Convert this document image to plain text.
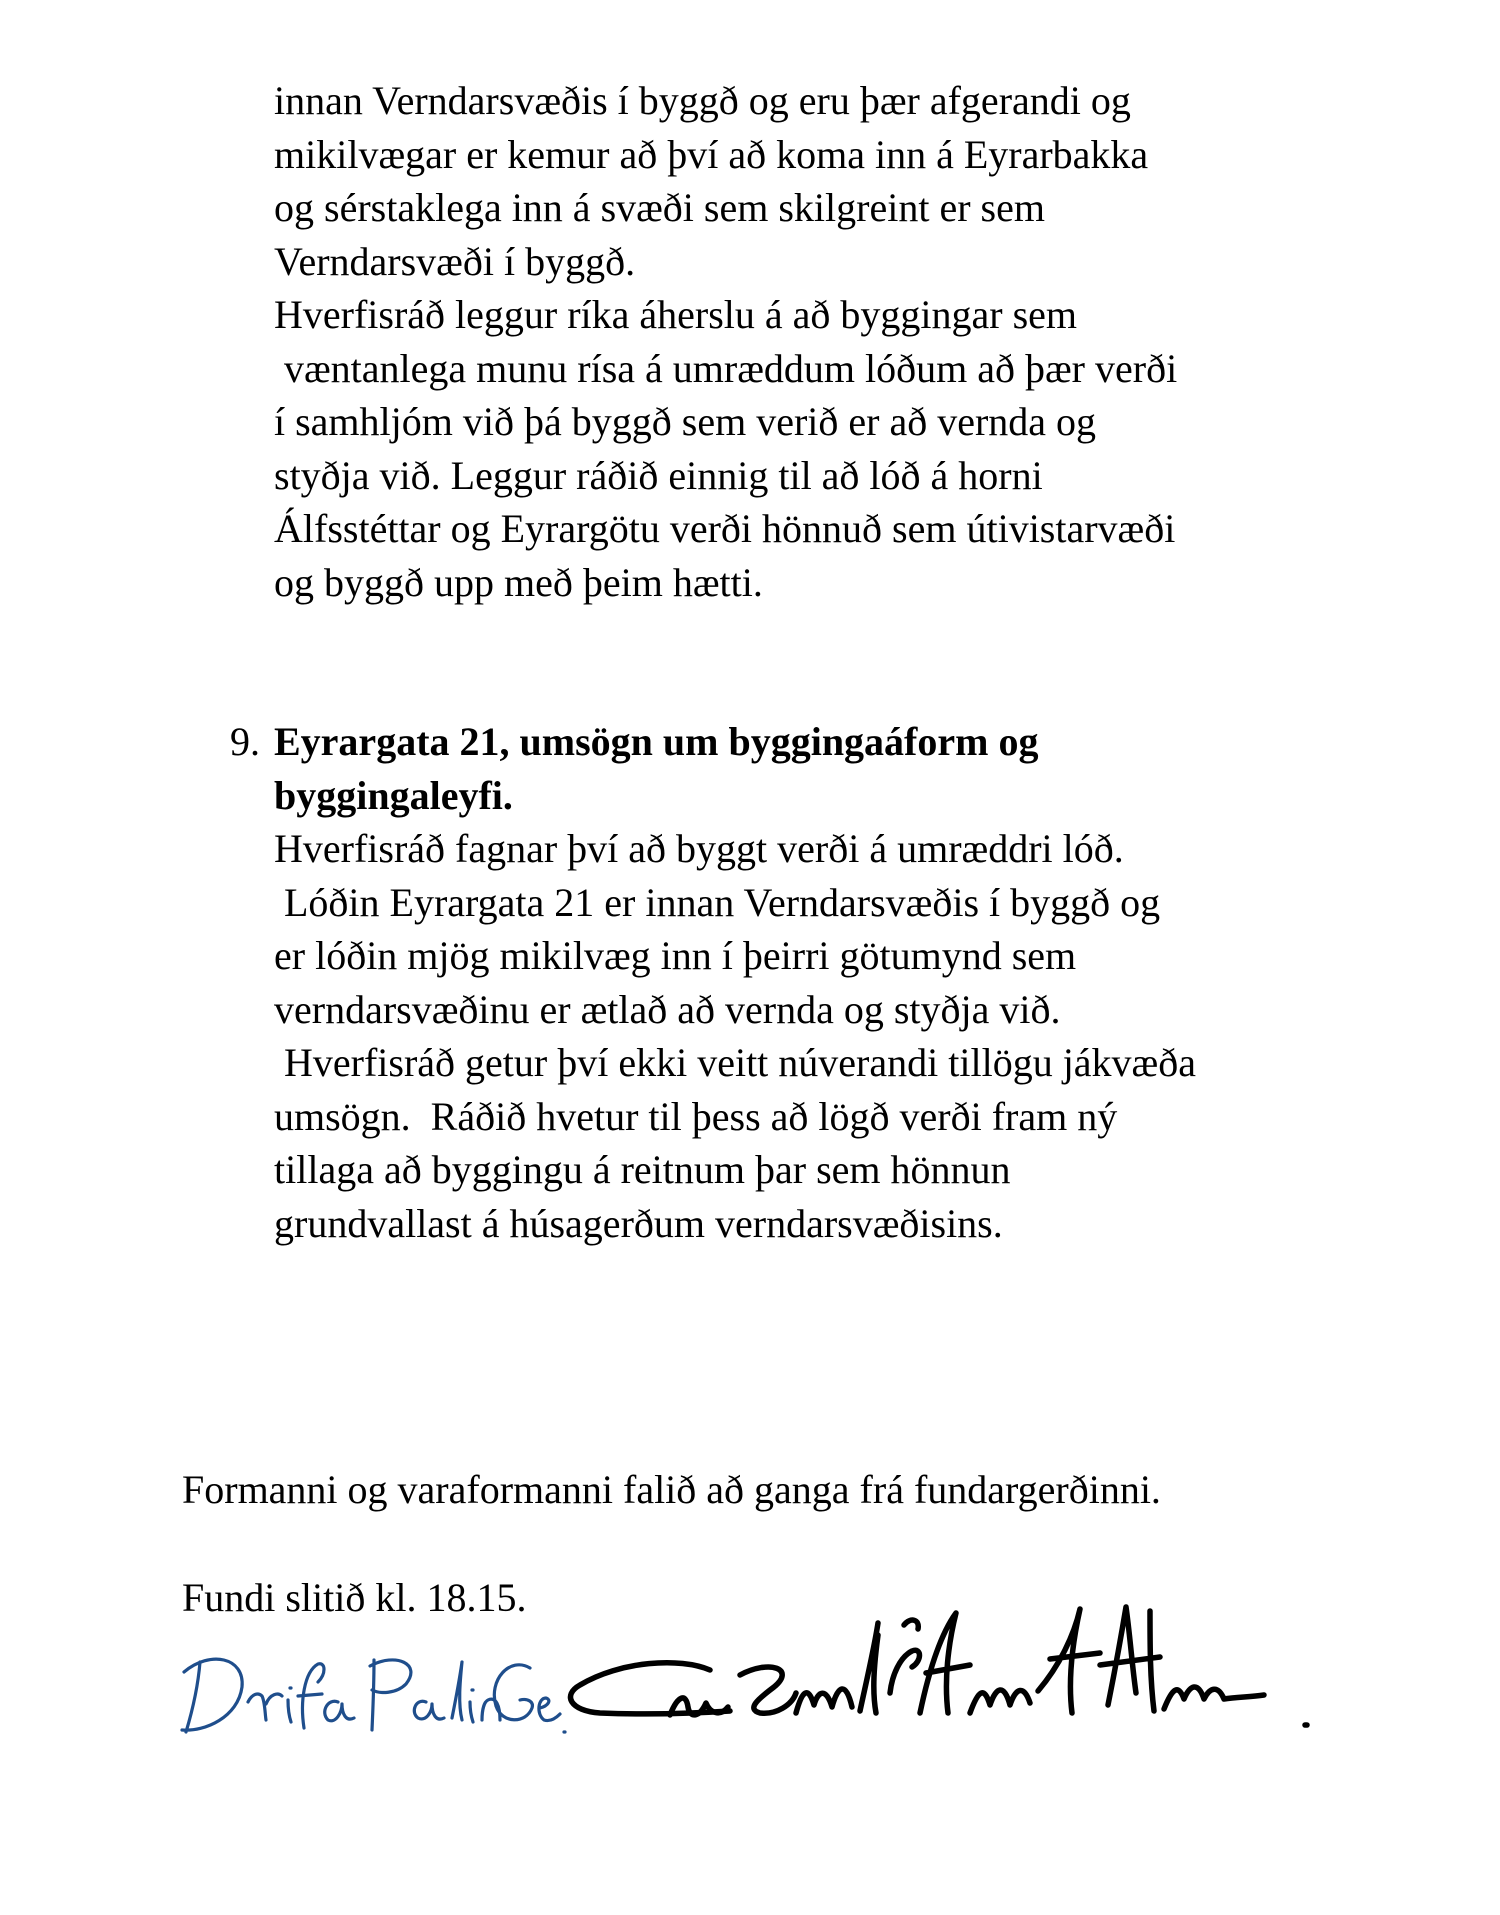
innan Verndarsvæðis í byggð og eru þær afgerandi og
mikilvægar er kemur að því að koma inn á Eyrarbakka
og sérstaklega inn á svæði sem skilgreint er sem
Verndarsvæði í byggð.
Hverfisráð leggur ríka áherslu á að byggingar sem
væntanlega munu rísa á umræddum lóðum að þær verði
í samhljóm við þá byggð sem verið er að vernda og
styðja við. Leggur ráðið einnig til að lóð á horni
Álfsstéttar og Eyrargötu verði hönnuð sem útivistarvæði
og byggð upp með þeim hætti.
9. Eyrargata 21, umsögn um byggingaáform og
byggingaleyfi.
Hverfisráð fagnar því að byggt verði á umræddri lóð.
Lóðin Eyrargata 21 er innan Verndarsvæðis í byggð og
er lóðin mjög mikilvæg inn í þeirri götumynd sem
verndarsvæðinu er ætlað að vernda og styðja við.
Hverfisráð getur því ekki veitt núverandi tillögu jákvæða
umsögn.  Ráðið hvetur til þess að lögð verði fram ný
tillaga að byggingu á reitnum þar sem hönnun
grundvallast á húsagerðum verndarsvæðisins.
Formanni og varaformanni falið að ganga frá fundargerðinni.
Fundi slitið kl. 18.15.
